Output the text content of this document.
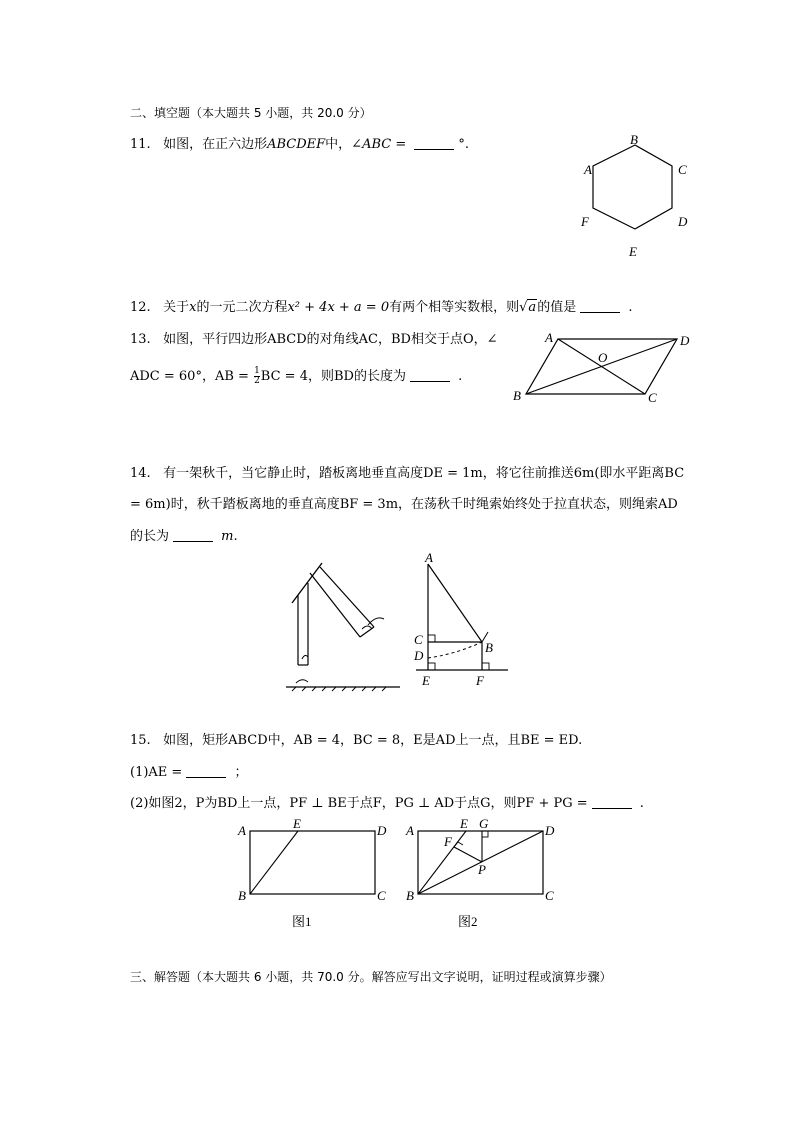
二、填空题（本大题共 5 小题，共 20.0 分）
11. 如图，在正六边形ABCDEF中，∠ABC =	°.
A
B
C
D
E
F
12. 关于x的一元二次方程x² + 4x + a = 0有两个相等实数根，则√a的值是	.
13. 如图，平行四边形ABCD的对角线AC，BD相交于点O，∠
ADC = 60°，AB = $\frac{1}{2}$ BC = 4，则BD的长度为	.
A	D
O
B	C
14. 有一架秋千，当它静止时，踏板离地垂直高度DE = 1m，将它往前推送6m(即水平距离BC
= 6m)时，秋千踏板离地的垂直高度BF = 3m，在荡秋千时绳索始终处于拉直状态，则绳索AD
的长为	m.
A
C
D
B
E	F
15. 如图，矩形ABCD中，AB = 4，BC = 8，E是AD上一点，且BE = ED.
(1)AE =	；
(2)如图2，P为BD上一点，PF ⊥ BE于点F，PG ⊥ AD于点G，则PF + PG =	.
A	E	D
B	C
图1
A	E G	D
F
P
B	C
图2
三、解答题（本大题共 6 小题，共 70.0 分。解答应写出文字说明，证明过程或演算步骤）
